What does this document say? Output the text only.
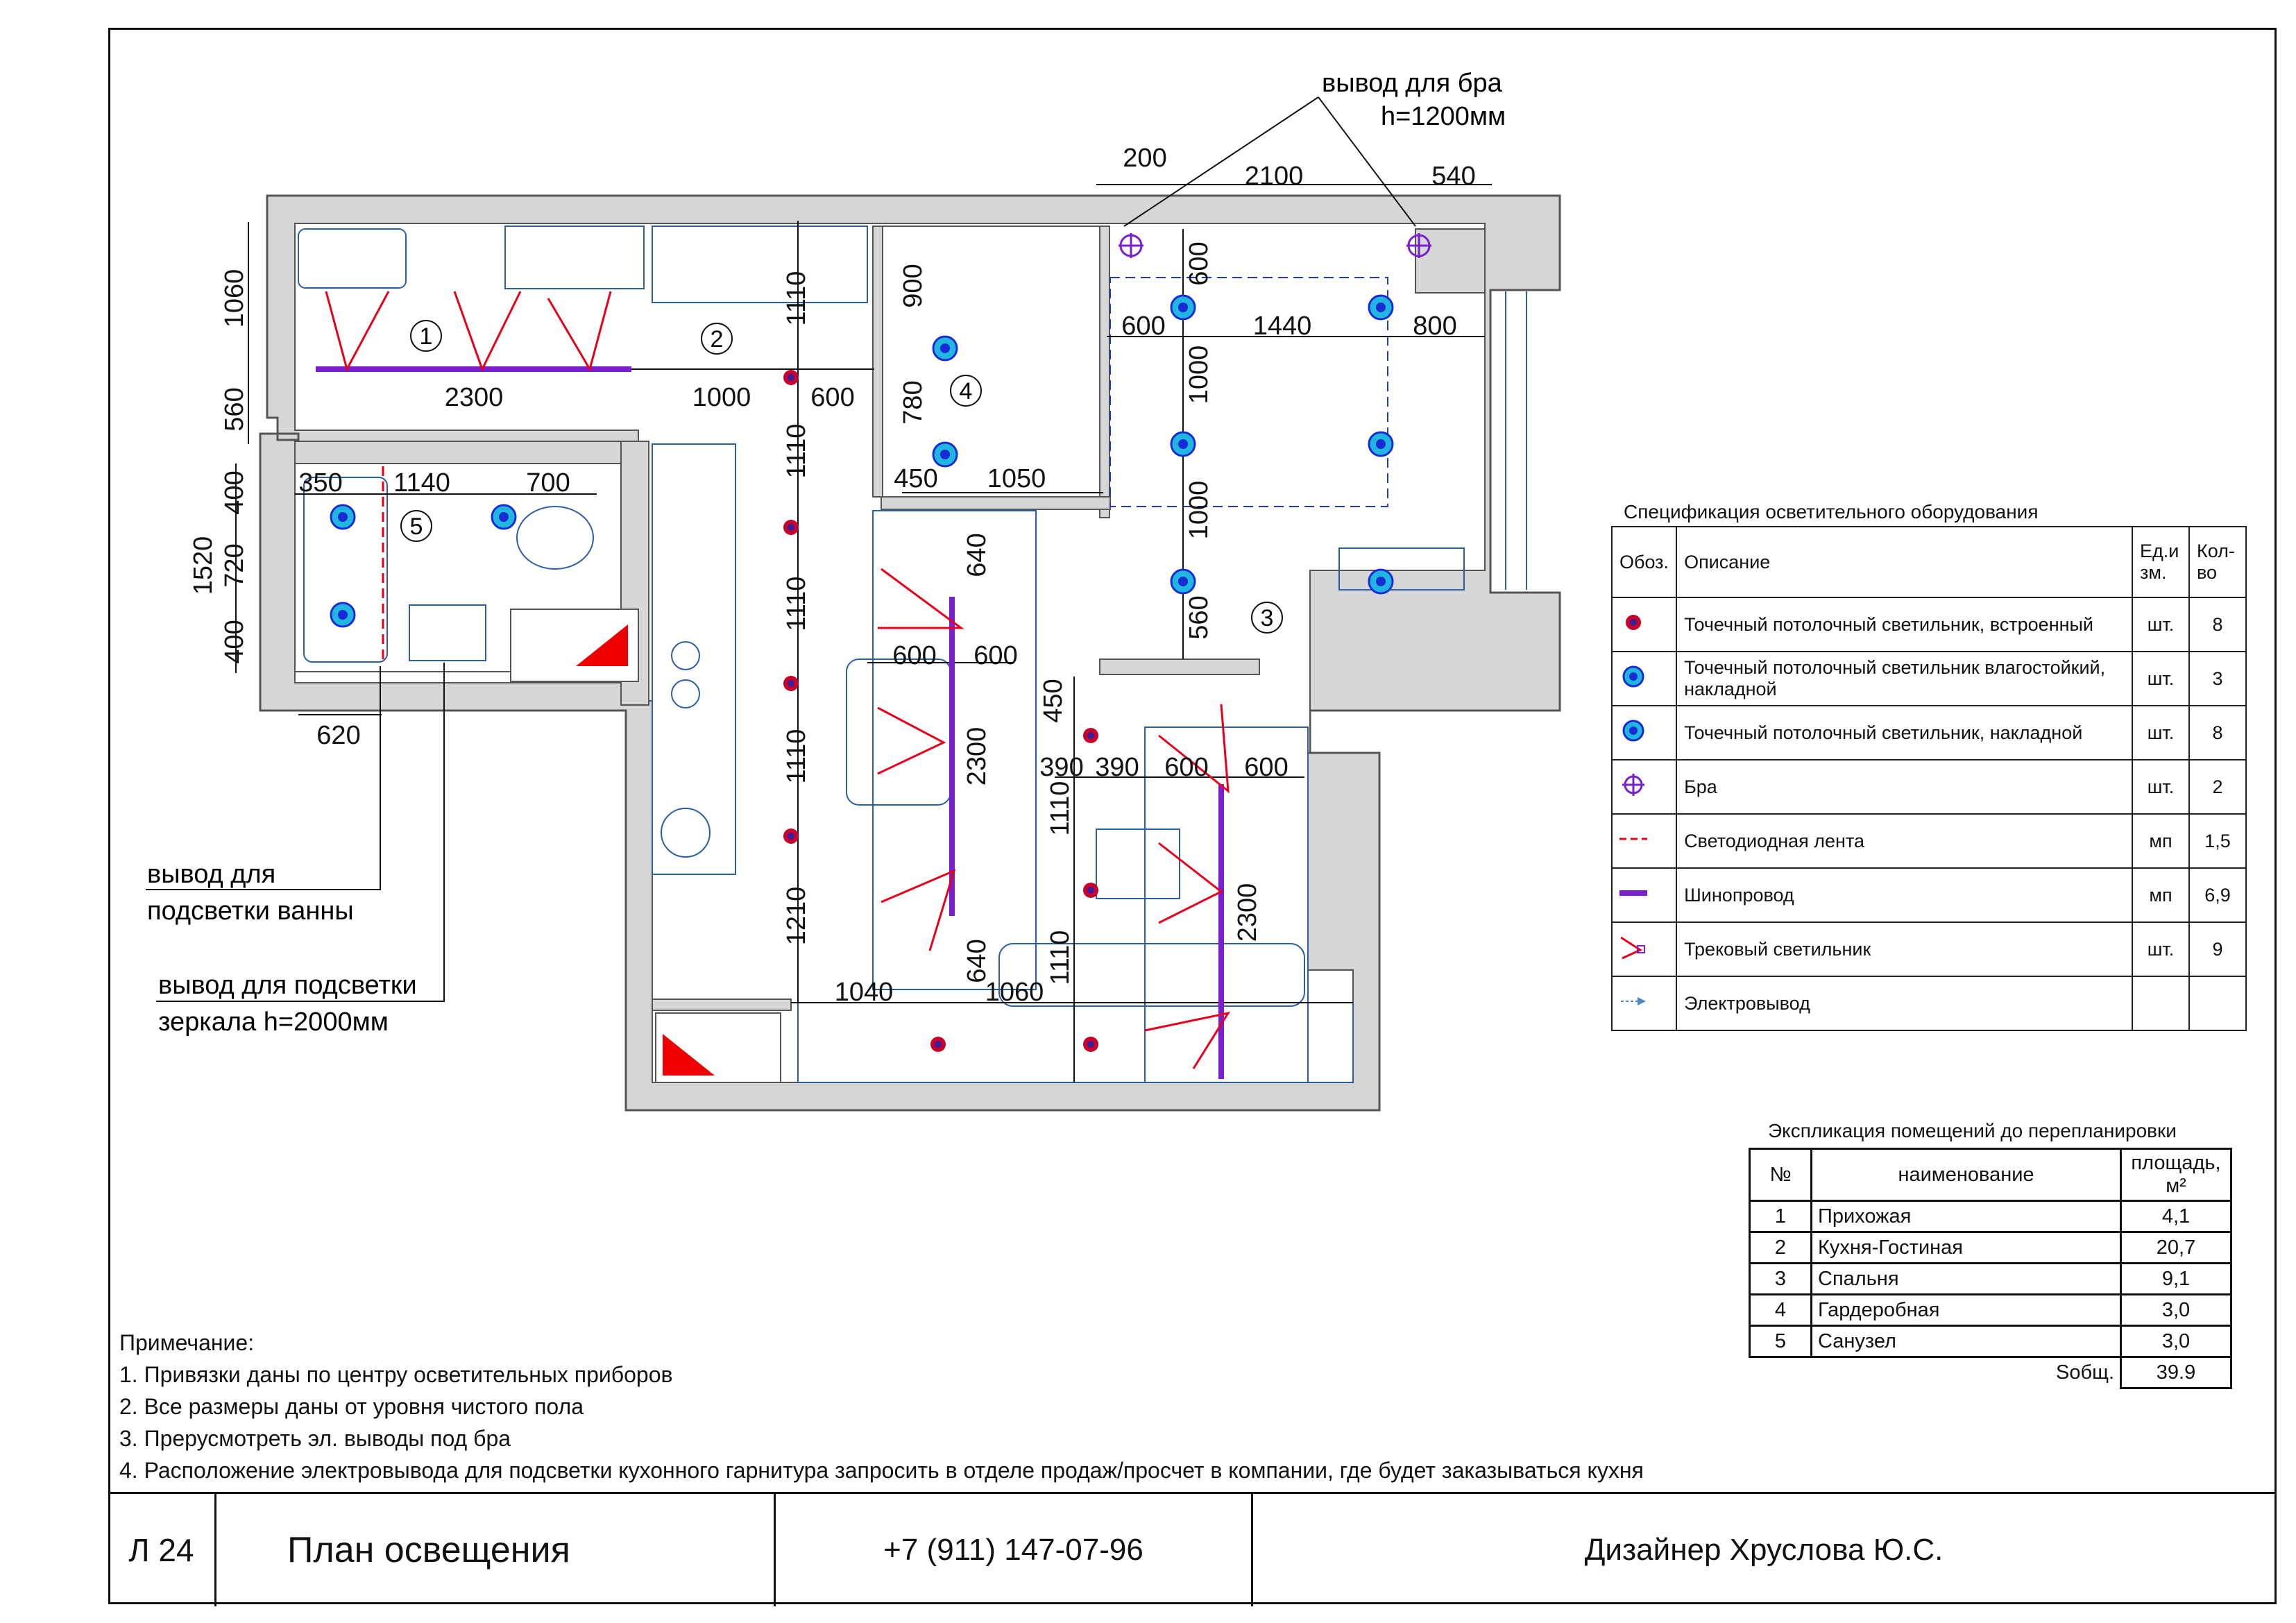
1	2
3
4
5
200
2100	540
600	1440	800
1000
1000
560
600
1060
560	2300	1000 600
1110
1110
1110
1110
1210
900
780
450 1050
350 1140	700
400
720
400
1520
620
640
600 600
2300
640
1040	1060
450
390 390 600 600
1110
1110
2300
вывод для бра
h=1200мм
вывод для
подсветки ванны
вывод для подсветки
зеркала h=2000мм
Спецификация осветительного оборудования
Обоз.	Описание	Ед.и зм.	Кол-во
	Точечный потолочный светильник, встроенный	шт.	8
	Точечный потолочный светильник влагостойкий, накладной	шт.	3
	Точечный потолочный светильник, накладной	шт.	8
	Бра	шт.	2
	Светодиодная лента	мп	1,5
	Шинопровод	мп	6,9
	Трековый светильник	шт.	9
	Электровывод		
Экспликация помещений до перепланировки
№	наименование	площадь, м²
1	Прихожая	4,1
2	Кухня-Гостиная	20,7
3	Спальня	9,1
4	Гардеробная	3,0
5	Санузел	3,0
	Sобщ.	39.9
Примечание:
1. Привязки даны по центру осветительных приборов
2. Все размеры даны от уровня чистого пола
3. Прерусмотреть эл. выводы под бра
4. Расположение электровывода для подсветки кухонного гарнитура запросить в отделе продаж/просчет в компании, где будет заказываться кухня
Л 24	План освещения	+7 (911) 147-07-96	Дизайнер Хруслова Ю.С.
